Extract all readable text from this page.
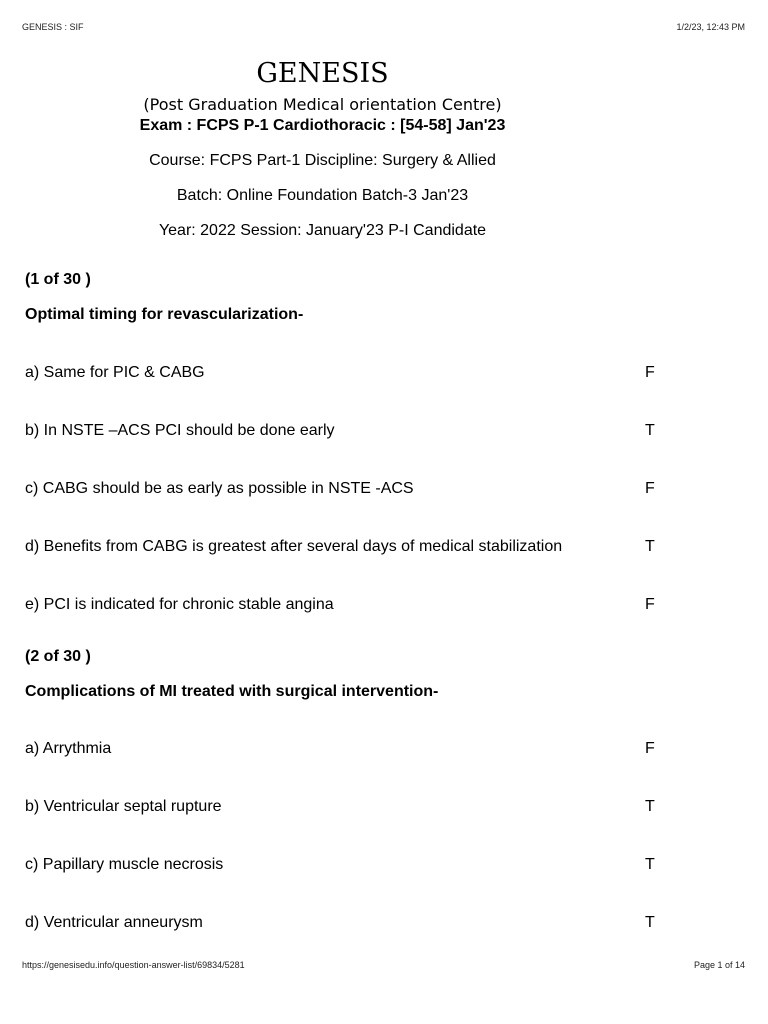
GENESIS : SIF	1/2/23, 12:43 PM
GENESIS
(Post Graduation Medical orientation Centre)
Exam : FCPS P-1 Cardiothoracic : [54-58] Jan'23
Course: FCPS Part-1 Discipline: Surgery & Allied
Batch: Online Foundation Batch-3 Jan'23
Year: 2022 Session: January'23 P-I Candidate
(1 of 30 )
Optimal timing for revascularization-
a) Same for PIC & CABG	F
b) In NSTE –ACS PCI should be done early	T
c) CABG should be as early as possible in NSTE -ACS	F
d) Benefits from CABG is greatest after several days of medical stabilization	T
e) PCI is indicated for chronic stable angina	F
(2 of 30 )
Complications of MI treated with surgical intervention-
a) Arrythmia	F
b) Ventricular septal rupture	T
c) Papillary muscle necrosis	T
d) Ventricular anneurysm	T
https://genesisedu.info/question-answer-list/69834/5281	Page 1 of 14
